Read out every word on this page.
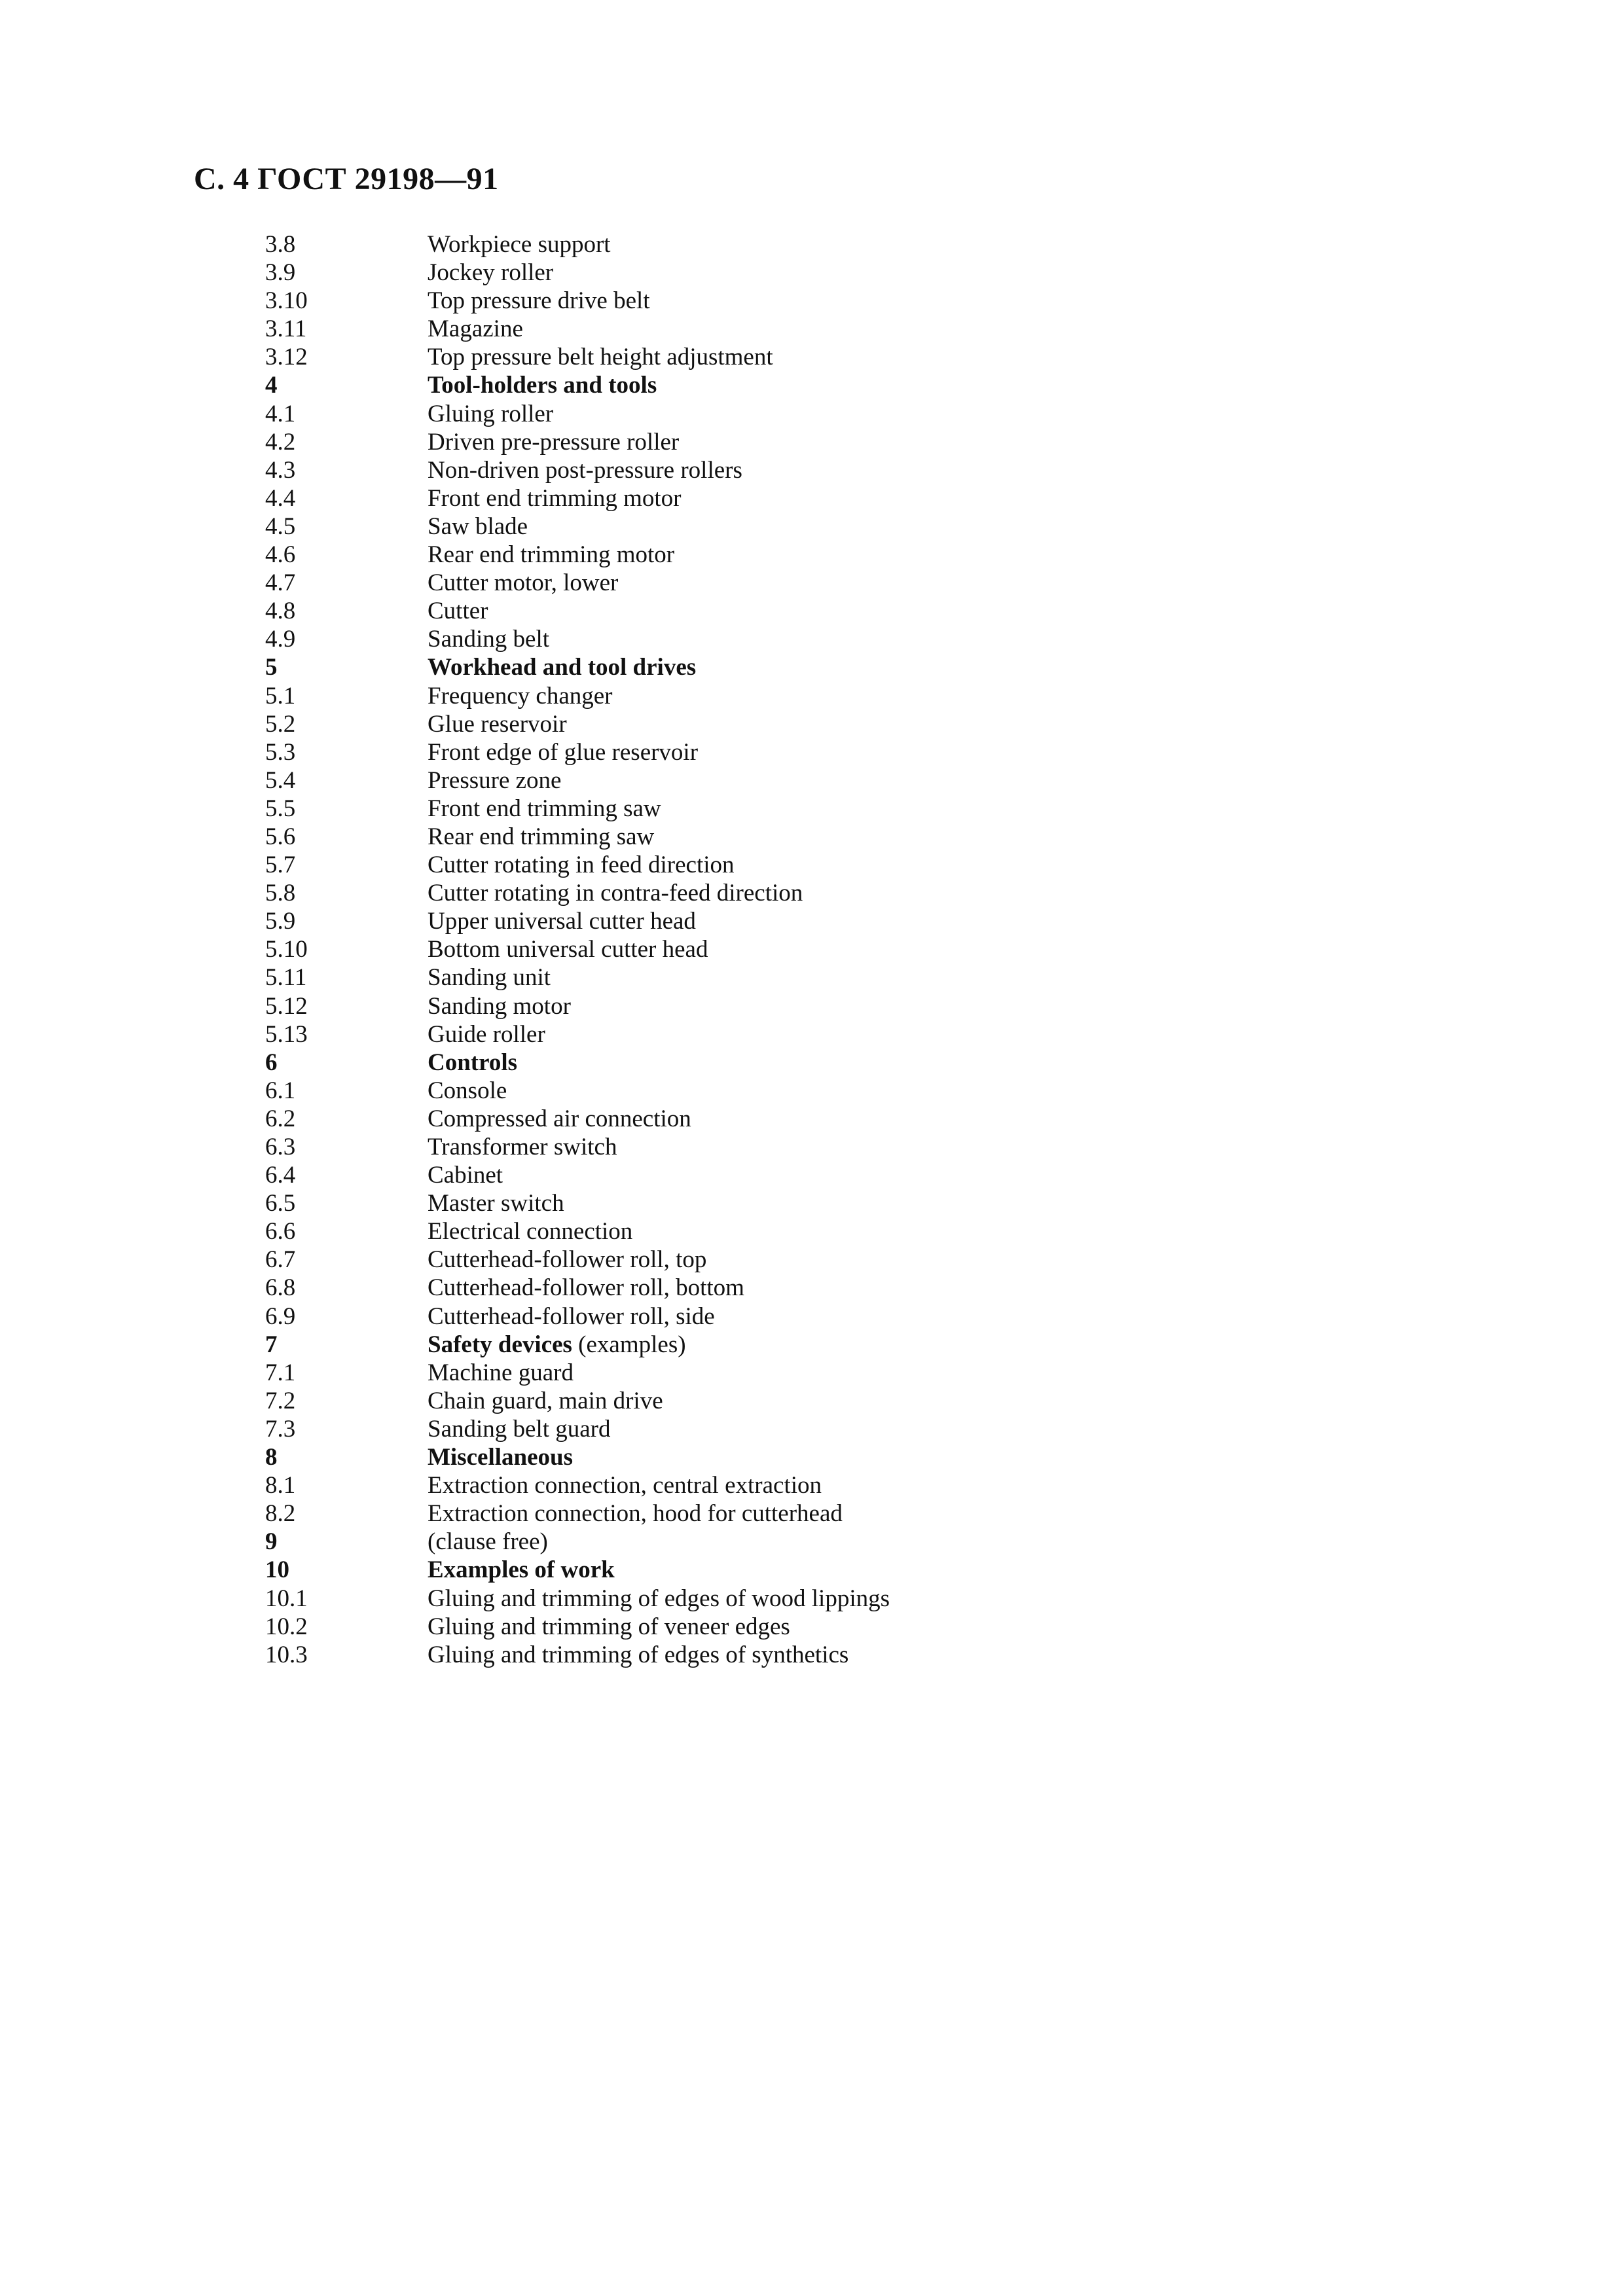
С. 4 ГОСТ 29198—91
3.8	Workpiece support
3.9	Jockey roller
3.10	Top pressure drive belt
3.11	Magazine
3.12	Top pressure belt height adjustment
4	Tool-holders and tools
4.1	Gluing roller
4.2	Driven pre-pressure roller
4.3	Non-driven post-pressure rollers
4.4	Front end trimming motor
4.5	Saw blade
4.6	Rear end trimming motor
4.7	Cutter motor, lower
4.8	Cutter
4.9	Sanding belt
5	Workhead and tool drives
5.1	Frequency changer
5.2	Glue reservoir
5.3	Front edge of glue reservoir
5.4	Pressure zone
5.5	Front end trimming saw
5.6	Rear end trimming saw
5.7	Cutter rotating in feed direction
5.8	Cutter rotating in contra-feed direction
5.9	Upper universal cutter head
5.10	Bottom universal cutter head
5.11	Sanding unit
5.12	Sanding motor
5.13	Guide roller
6	Controls
6.1	Console
6.2	Compressed air connection
6.3	Transformer switch
6.4	Cabinet
6.5	Master switch
6.6	Electrical connection
6.7	Cutterhead-follower roll, top
6.8	Cutterhead-follower roll, bottom
6.9	Cutterhead-follower roll, side
7	Safety devices (examples)
7.1	Machine guard
7.2	Chain guard, main drive
7.3	Sanding belt guard
8	Miscellaneous
8.1	Extraction connection, central extraction
8.2	Extraction connection, hood for cutterhead
9	(clause free)
10	Examples of work
10.1	Gluing and trimming of edges of wood lippings
10.2	Gluing and trimming of veneer edges
10.3	Gluing and trimming of edges of synthetics
